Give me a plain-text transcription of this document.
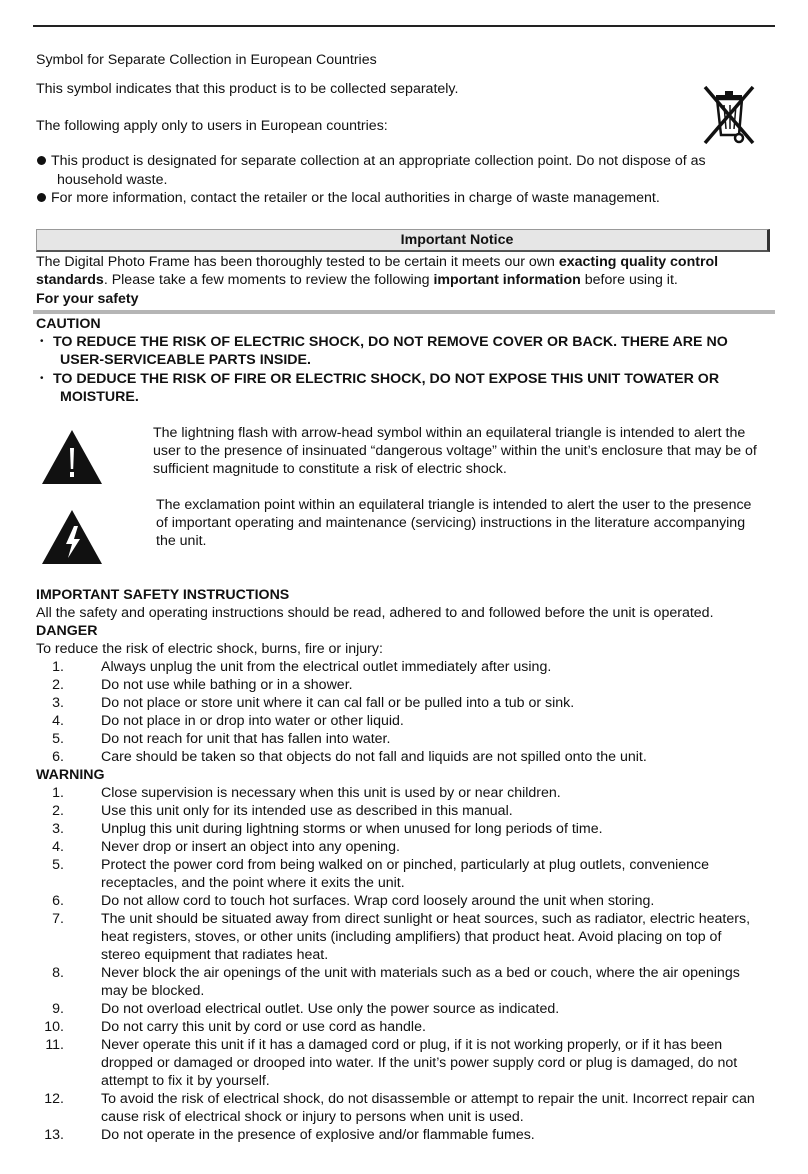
Symbol for Separate Collection in European Countries
This symbol indicates that this product is to be collected separately.
The following apply only to users in European countries:
This product is designated for separate collection at an appropriate collection point. Do not dispose of as
household waste.
For more information, contact the retailer or the local authorities in charge of waste management.
Important Notice
The Digital Photo Frame has been thoroughly tested to be certain it meets our own exacting quality control
standards. Please take a few moments to review the following important information before using it.
For your safety
CAUTION
• TO REDUCE THE RISK OF ELECTRIC SHOCK, DO NOT REMOVE COVER OR BACK. THERE ARE NO
USER-SERVICEABLE PARTS INSIDE.
• TO DEDUCE THE RISK OF FIRE OR ELECTRIC SHOCK, DO NOT EXPOSE THIS UNIT TOWATER OR
MOISTURE.
The lightning flash with arrow-head symbol within an equilateral triangle is intended to alert the
user to the presence of insinuated “dangerous voltage” within the unit’s enclosure that may be of
sufficient magnitude to constitute a risk of electric shock.
The exclamation point within an equilateral triangle is intended to alert the user to the presence
of important operating and maintenance (servicing) instructions in the literature accompanying
the unit.
IMPORTANT SAFETY INSTRUCTIONS
All the safety and operating instructions should be read, adhered to and followed before the unit is operated.
DANGER
To reduce the risk of electric shock, burns, fire or injury:
1.	Always unplug the unit from the electrical outlet immediately after using.
2.	Do not use while bathing or in a shower.
3.	Do not place or store unit where it can cal fall or be pulled into a tub or sink.
4.	Do not place in or drop into water or other liquid.
5.	Do not reach for unit that has fallen into water.
6.	Care should be taken so that objects do not fall and liquids are not spilled onto the unit.
WARNING
1.	Close supervision is necessary when this unit is used by or near children.
2.	Use this unit only for its intended use as described in this manual.
3.	Unplug this unit during lightning storms or when unused for long periods of time.
4.	Never drop or insert an object into any opening.
5.	Protect the power cord from being walked on or pinched, particularly at plug outlets, convenience
receptacles, and the point where it exits the unit.
6.	Do not allow cord to touch hot surfaces. Wrap cord loosely around the unit when storing.
7.	The unit should be situated away from direct sunlight or heat sources, such as radiator, electric heaters,
heat registers, stoves, or other units (including amplifiers) that product heat. Avoid placing on top of
stereo equipment that radiates heat.
8.	Never block the air openings of the unit with materials such as a bed or couch, where the air openings
may be blocked.
9.	Do not overload electrical outlet. Use only the power source as indicated.
10.	Do not carry this unit by cord or use cord as handle.
11.	Never operate this unit if it has a damaged cord or plug, if it is not working properly, or if it has been
dropped or damaged or drooped into water. If the unit’s power supply cord or plug is damaged, do not
attempt to fix it by yourself.
12.	To avoid the risk of electrical shock, do not disassemble or attempt to repair the unit. Incorrect repair can
cause risk of electrical shock or injury to persons when unit is used.
13.	Do not operate in the presence of explosive and/or flammable fumes.
